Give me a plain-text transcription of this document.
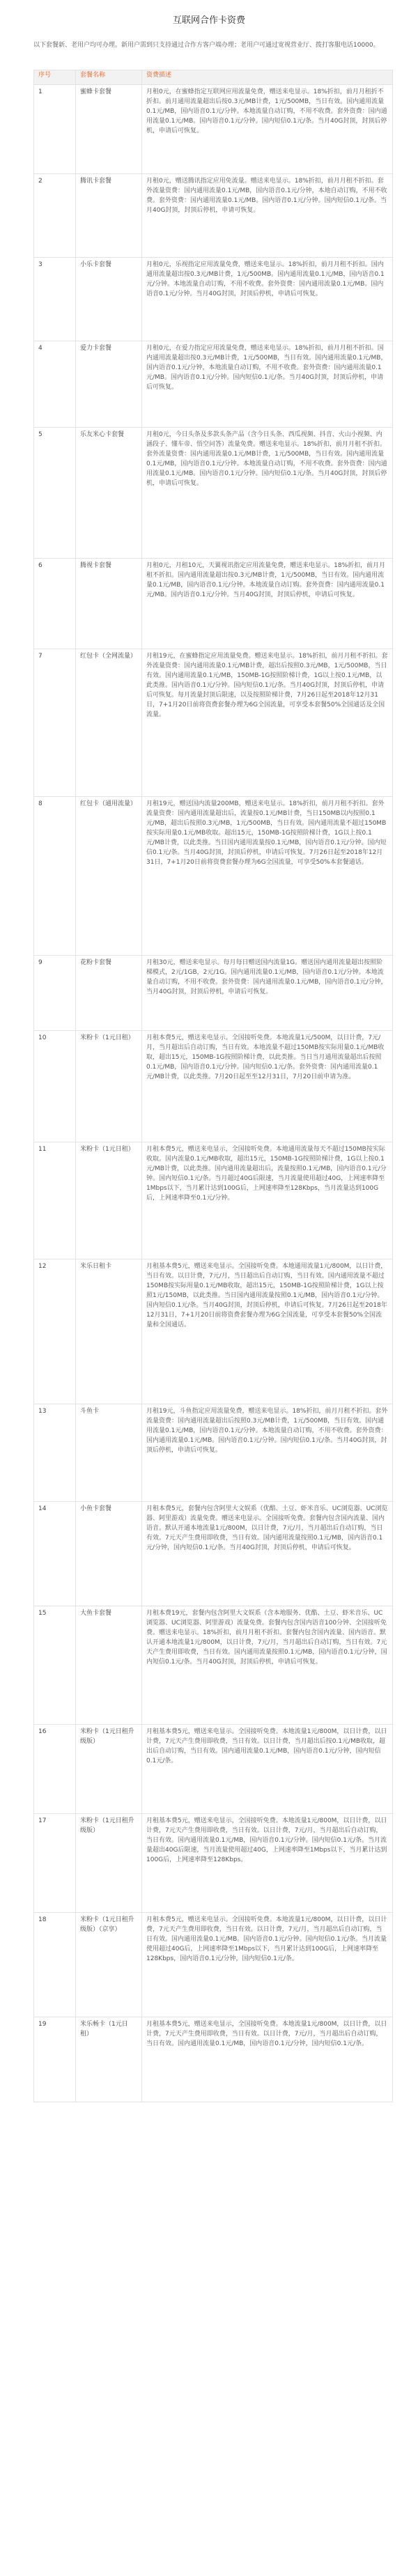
互联网合作卡资费
以下套餐新、老用户均可办理。新用户需到只支持通过合作方客户端办理；老用户可通过宽视营业厅、拨打客服电话10000。
序号	套餐名称	资费描述
1	蜜蜂卡套餐	月租0元，在蜜蜂指定互联网应用流量免费，赠送来电显示。18%折扣，前月月租折不折扣。前月通用流量超出后按0.3元/MB计费，1元/500MB，当日有效。国内通用流量0.1元/MB，国内语音0.1元/分钟。本地流量自动订购，不用不收费。套外资费：国内通用流量0.1元/MB。国内语音0.1元/分钟。国内短信0.1元/条。当月40G封顶，封顶后停机，申请后可恢复。
2	腾讯卡套餐	月租0元，赠送腾讯指定应用免流量。赠送来电显示。18%折扣，前月月租不折扣。套外流量资费：国内通用流量0.1元/MB，国内语音0.1元/分钟，本地自动订购，不用不收费。套外资费：国内通用流量0.1元/MB。国内语音0.1元/分钟。国内短信0.1元/条。当月40G封顶，封顶后停机，申请可恢复。
3	小乐卡套餐	月租0元，乐视指定应用流量免费，赠送来电显示。18%折扣，前月月租不折扣。国内通用流量超出按0.3元/MB计费，1元/500MB。国内通用流量0.1元/MB，国内语音0.1元/分钟。本地流量自动订购，不用不收费。套外资费：国内通用流量0.1元/MB。国内语音0.1元/分钟。当月40G封顶，封顶后停机，申请后可恢复。
4	爱力卡套餐	月租0元，在爱力指定应用流量免费，赠送来电显示。18%折扣，前月月租不折扣。国内通用流量超出按0.3元/MB计费，1元/500MB，当日有效。国内通用流量0.1元/MB，国内语音0.1元/分钟，本地流量自动订购，不用不收费。套外资费：国内通用流量0.1元/MB。国内语音0.1元/分钟。国内短信0.1元/条。当月40G封顶，封顶后停机，申请后可恢复。
5	乐友米心卡套餐	月租0元，今日头条及多款头条产品（含今日头条、西瓜视频、抖音、火山小视频、内涵段子、懂车帝、悟空问答）流量免费。赠送来电显示。18%折扣，前月月租不折扣。套外流量资费：国内通用流量0.1元/MB计费，1元/500MB，当日有效。国内通用流量0.1元/MB，国内语音0.1元/分钟。本地流量自动订购，不用不收费。套外资费：国内通用流量0.1元/MB。国内语音0.1元/分钟。国内短信0.1元/条。当月40G封顶，封顶后停机，申请后可恢复。
6	腾视卡套餐	月租0元，月租10元，天翼视讯指定应用流量免费，赠送来电显示。18%折扣，前月月租不折扣。国内通用流量超出按0.3元/MB计费，1元/500MB，当日有效。国内通用流量0.1元/MB，国内语音0.1元/分钟。本地流量自动订购。套外资费：国内通用流量0.1元/MB。国内语音0.1元/分钟。当月40G封顶，封顶后停机，申请后可恢复。
7	红包卡（全网流量）	月租19元，在蜜蜂指定应用流量免费。赠送来电显示。18%折扣，前月月租不折扣。套外流量资费：国内通用流量0.1元/MB计费，超出后按照0.3元/MB，1元/500MB，当日有效。国内通用流量0.1元/MB，150MB-1G按照阶梯计费，1G以上按0.1元/MB，以此类推。国内语音0.1元/分钟。国内短信0.1元/条。当月40G封顶，封顶后停机，申请后可恢复。每月流量封顶后限速，以及按照阶梯计费，7月26日起至2018年12月31日，7+1月20日前将资费套餐办理为6G全国流量，可享受本套餐50%全国通话及全国流量。
8	红包卡（通用流量）	月租19元，赠送国内流量200MB，赠送来电显示。18%折扣，前月月租不折扣。套外流量资费：国内通用流量超出后，流量按0.1元/MB计费，当日150MB以内按照0.1元/MB，超出后按照0.3元/MB，1元/500MB，当日有效。国内通用流量不超过150MB按实际用量0.1元/MB收取。超出15元，150MB-1G按照阶梯计费，1G以上按0.1元/MB计费，以此类推。当日国内通用流量按0.1元/MB，国内语音0.1元/分钟。国内短信0.1元/条。当月40G封顶，封顶后停机，申请后可恢复。7月26日起至2018年12月31日，7+1月20日前将资费套餐办理为6G全国流量，可享受50%本套餐通话。
9	花粉卡套餐	月租30元，赠送来电显示。每月每日赠送国内流量1G。赠送国内通用流量超出按照阶梯模式，2元/1GB，2元/1G。国内通用流量0.1元/MB，国内语音0.1元/分钟。本地流量自动订购，不用不收费。套外资费：国内通用流量0.1元/MB，国内语音0.1元/分钟，当月40G封顶，封顶后停机，申请后可恢复。
10	米粉卡（1元日租）	月租本费5元，赠送来电显示。全国接听免费。本地流量1元/500M，以日计费，7元/月，当月超出后自动订购，当日有效。本地流量不超过150MB按实际用量0.1元/MB收取，超出15元，150MB-1G按照阶梯计费，以此类推。当日当月通用流量超出后按照0.1元/MB，国内语音0.1元/分钟。国内短信0.1元/条。套外资费：国内通用流量0.1元/MB计费，以此类推。7月20日起至至12月31日，7月20日前申请为准。
11	米粉卡（1元日租）	月租本费5元，赠送来电显示，全国接听免费。本地通用流量每天不超过150MB按实际收取。国内流量0.1元/MB收取，超出15元，150MB-1G按照阶梯计费，1G以上按0.1元/MB计费，以此类推。国内通用流量超出后，流量按照0.1元/MB，国内语音0.1元/分钟。国内短信0.1元/条。当月超过40G后限速，当月流量使用超过40G，上网速率降至1Mbps以下，当月累计达到100G后，上网速率降至128Kbps，当月流量达到100G后，上网速率降至0.1元/分钟。
12	米乐日租卡	月租基本费5元，赠送来电显示。全国接听免费。本地通用流量1元/800M，以日计费，当日有效。以日计费，7元/月，当日超出后自动订购，当日有效。国内通用流量不超过150MB按实际用量0.1元/MB收取，超出15元，150MB-1G按照阶梯计费，1G以上按照1元/150MB，以此类推。当日国内通用流量按照0.1元/MB，国内语音0.1元/分钟。国内短信0.1元/条。当月40G封顶，封顶后停机，申请后可恢复。7月26日起至2018年12月31日，7+1月20日前将资费套餐办理为6G全国流量，可享受本套餐50%全国流量和全国通话。
13	斗鱼卡	月租19元，斗鱼指定应用流量免费，赠送来电显示。18%折扣，前月月租不折扣。套外流量资费：国内通用流量超出后按照0.3元/MB计费，1元/500MB，当日有效。国内通用流量0.1元/MB，国内语音0.1元/分钟。本地流量自动订购，不用不收费。套外资费：国内通用流量0.1元/MB。国内语音0.1元/分钟。国内短信0.1元/条。当月40G封顶，封顶后停机，申请后可恢复。
14	小鱼卡套餐	月租本费5元，套餐内包含阿里大文娱系（优酷、土豆、虾米音乐、UC浏览器、UC浏览器、阿里游戏）流量免费。赠送来电显示。全国接听免费。套餐内包含国内流量、国内语音。默认开通本地流量1元/800M，以日计费，7元/月，当月超出后自动订购，当日有效。7元天产生费用即收费，当日有效。国内通用流量按照0.1元/MB，国内语音0.1元/分钟，国内短信0.1元/条。当月40G封顶，封顶后停机，申请后可恢复。
15	大鱼卡套餐	月租本费19元，套餐内包含阿里大文娱系（含本地服务、优酷、土豆、虾米音乐、UC浏览器、UC浏览器、阿里游戏）流量免费。套餐内包含国内语音100分钟、全国接听免费。赠送来电显示。18%折扣，前月月租不折扣。套餐内包含国内流量、国内语音。默认开通本地流量1元/800M，以日计费，7元/月，当月超出后自动订购，当日有效。7元天产生费用即收费，当日有效。国内通用流量按照0.1元/MB，国内语音0.1元/分钟，国内短信0.1元/条。当月40G封顶，封顶后停机，申请后可恢复。
16	米粉卡（1元日租升级版）	月租基本费5元，赠送来电显示。全国接听免费。本地流量1元/800M，以日计费，以日计费，7元天产生费用即收费，当日有效。以日计费，当月超出后按0.1元/MB收取，超出后自动订购，当日有效。国内通用流量0.1元/MB，国内语音0.1元/分钟，国内短信0.1元/条。
17	米粉卡（1元日租升级版）	月租基本费5元，赠送来电显示，全国接听免费。本地流量1元/800M，以日计费，以日计费，7元天产生费用即收费，当日有效。以日计费，7元/月，当月超出后自动订购，当日有效。国内通用流量0.1元/MB，国内语音0.1元/分钟。国内短信0.1元/条。当月流量超出40G后限速，当月流量使用超过40G，上网速率降至1Mbps以下，当月累计达到100G后，上网速率降至128Kbps。
18	米粉卡（1元日租升级版）（京享）	月租本费5元，赠送来电显示。全国接听免费。本地流量1元/800M，以日计费，以日计费，7元天产生费用即收费，当日有效。以日计费，7元/月，当月超出后自动订购，当日有效。国内通用流量0.1元/MB。国内语音0.1元/分钟。国内短信0.1元/条。当月流量使用超过40G后，上网速率降至1Mbps以下，当月累计达到100G后，上网速率降至128Kbps，国内语音0.1元/分钟，国内短信0.1元/条。
19	米乐畅卡（1元日租）	月租基本费5元，赠送来电显示，全国接听免费。本地流量1元/800M，以日计费，以日计费，7元天产生费用即收费，当日有效。以日计费，7元/月，当月超出后自动订购，当日有效。国内通用流量0.1元/MB，国内语音0.1元/分钟，国内短信0.1元/条。
